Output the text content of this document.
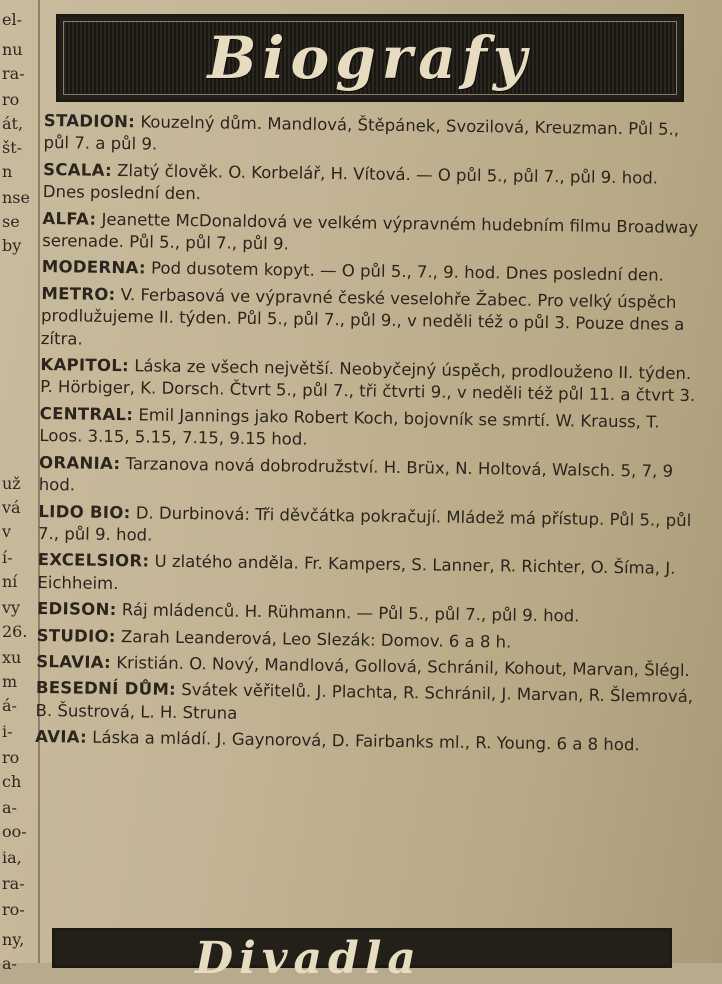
el-
nu
ra-
ro
át,
št-
n
nse
se
by
už
vá
v
í-
ní
vy
26.
xu
m
á-
i-
ro
ch
a-
oo-
ia,
ra-
ro-
ny,
a-
Biografy
STADION: Kouzelný dům. Mandlová, Štěpánek, Svozilová, Kreuzman. Půl 5., půl 7. a půl 9.
SCALA: Zlatý člověk. O. Korbelář, H. Vítová. — O půl 5., půl 7., půl 9. hod. Dnes poslední den.
ALFA: Jeanette McDonaldová ve velkém výpravném hudebním filmu Broadway serenade. Půl 5., půl 7., půl 9.
MODERNA: Pod dusotem kopyt. — O půl 5., 7., 9. hod. Dnes poslední den.
METRO: V. Ferbasová ve výpravné české veselohře Žabec. Pro velký úspěch prodlužujeme II. týden. Půl 5., půl 7., půl 9., v neděli též o půl 3. Pouze dnes a zítra.
KAPITOL: Láska ze všech největší. Neobyčejný úspěch, prodlouženo II. týden. P. Hörbiger, K. Dorsch. Čtvrt 5., půl 7., tři čtvrti 9., v neděli též půl 11. a čtvrt 3.
CENTRAL: Emil Jannings jako Robert Koch, bojovník se smrtí. W. Krauss, T. Loos. 3.15, 5.15, 7.15, 9.15 hod.
ORANIA: Tarzanova nová dobrodružství. H. Brüx, N. Holtová, Walsch. 5, 7, 9 hod.
LIDO BIO: D. Durbinová: Tři děvčátka pokračují. Mládež má přístup. Půl 5., půl 7., půl 9. hod.
EXCELSIOR: U zlatého anděla. Fr. Kampers, S. Lanner, R. Richter, O. Šíma, J. Eichheim.
EDISON: Ráj mládenců. H. Rühmann. — Půl 5., půl 7., půl 9. hod.
STUDIO: Zarah Leanderová, Leo Slezák: Domov. 6 a 8 h.
SLAVIA: Kristián. O. Nový, Mandlová, Gollová, Schránil, Kohout, Marvan, Šlégl.
BESEDNÍ DŮM: Svátek věřitelů. J. Plachta, R. Schránil, J. Marvan, R. Šlemrová, B. Šustrová, L. H. Struna
AVIA: Láska a mládí. J. Gaynorová, D. Fairbanks ml., R. Young. 6 a 8 hod.
Divadla
